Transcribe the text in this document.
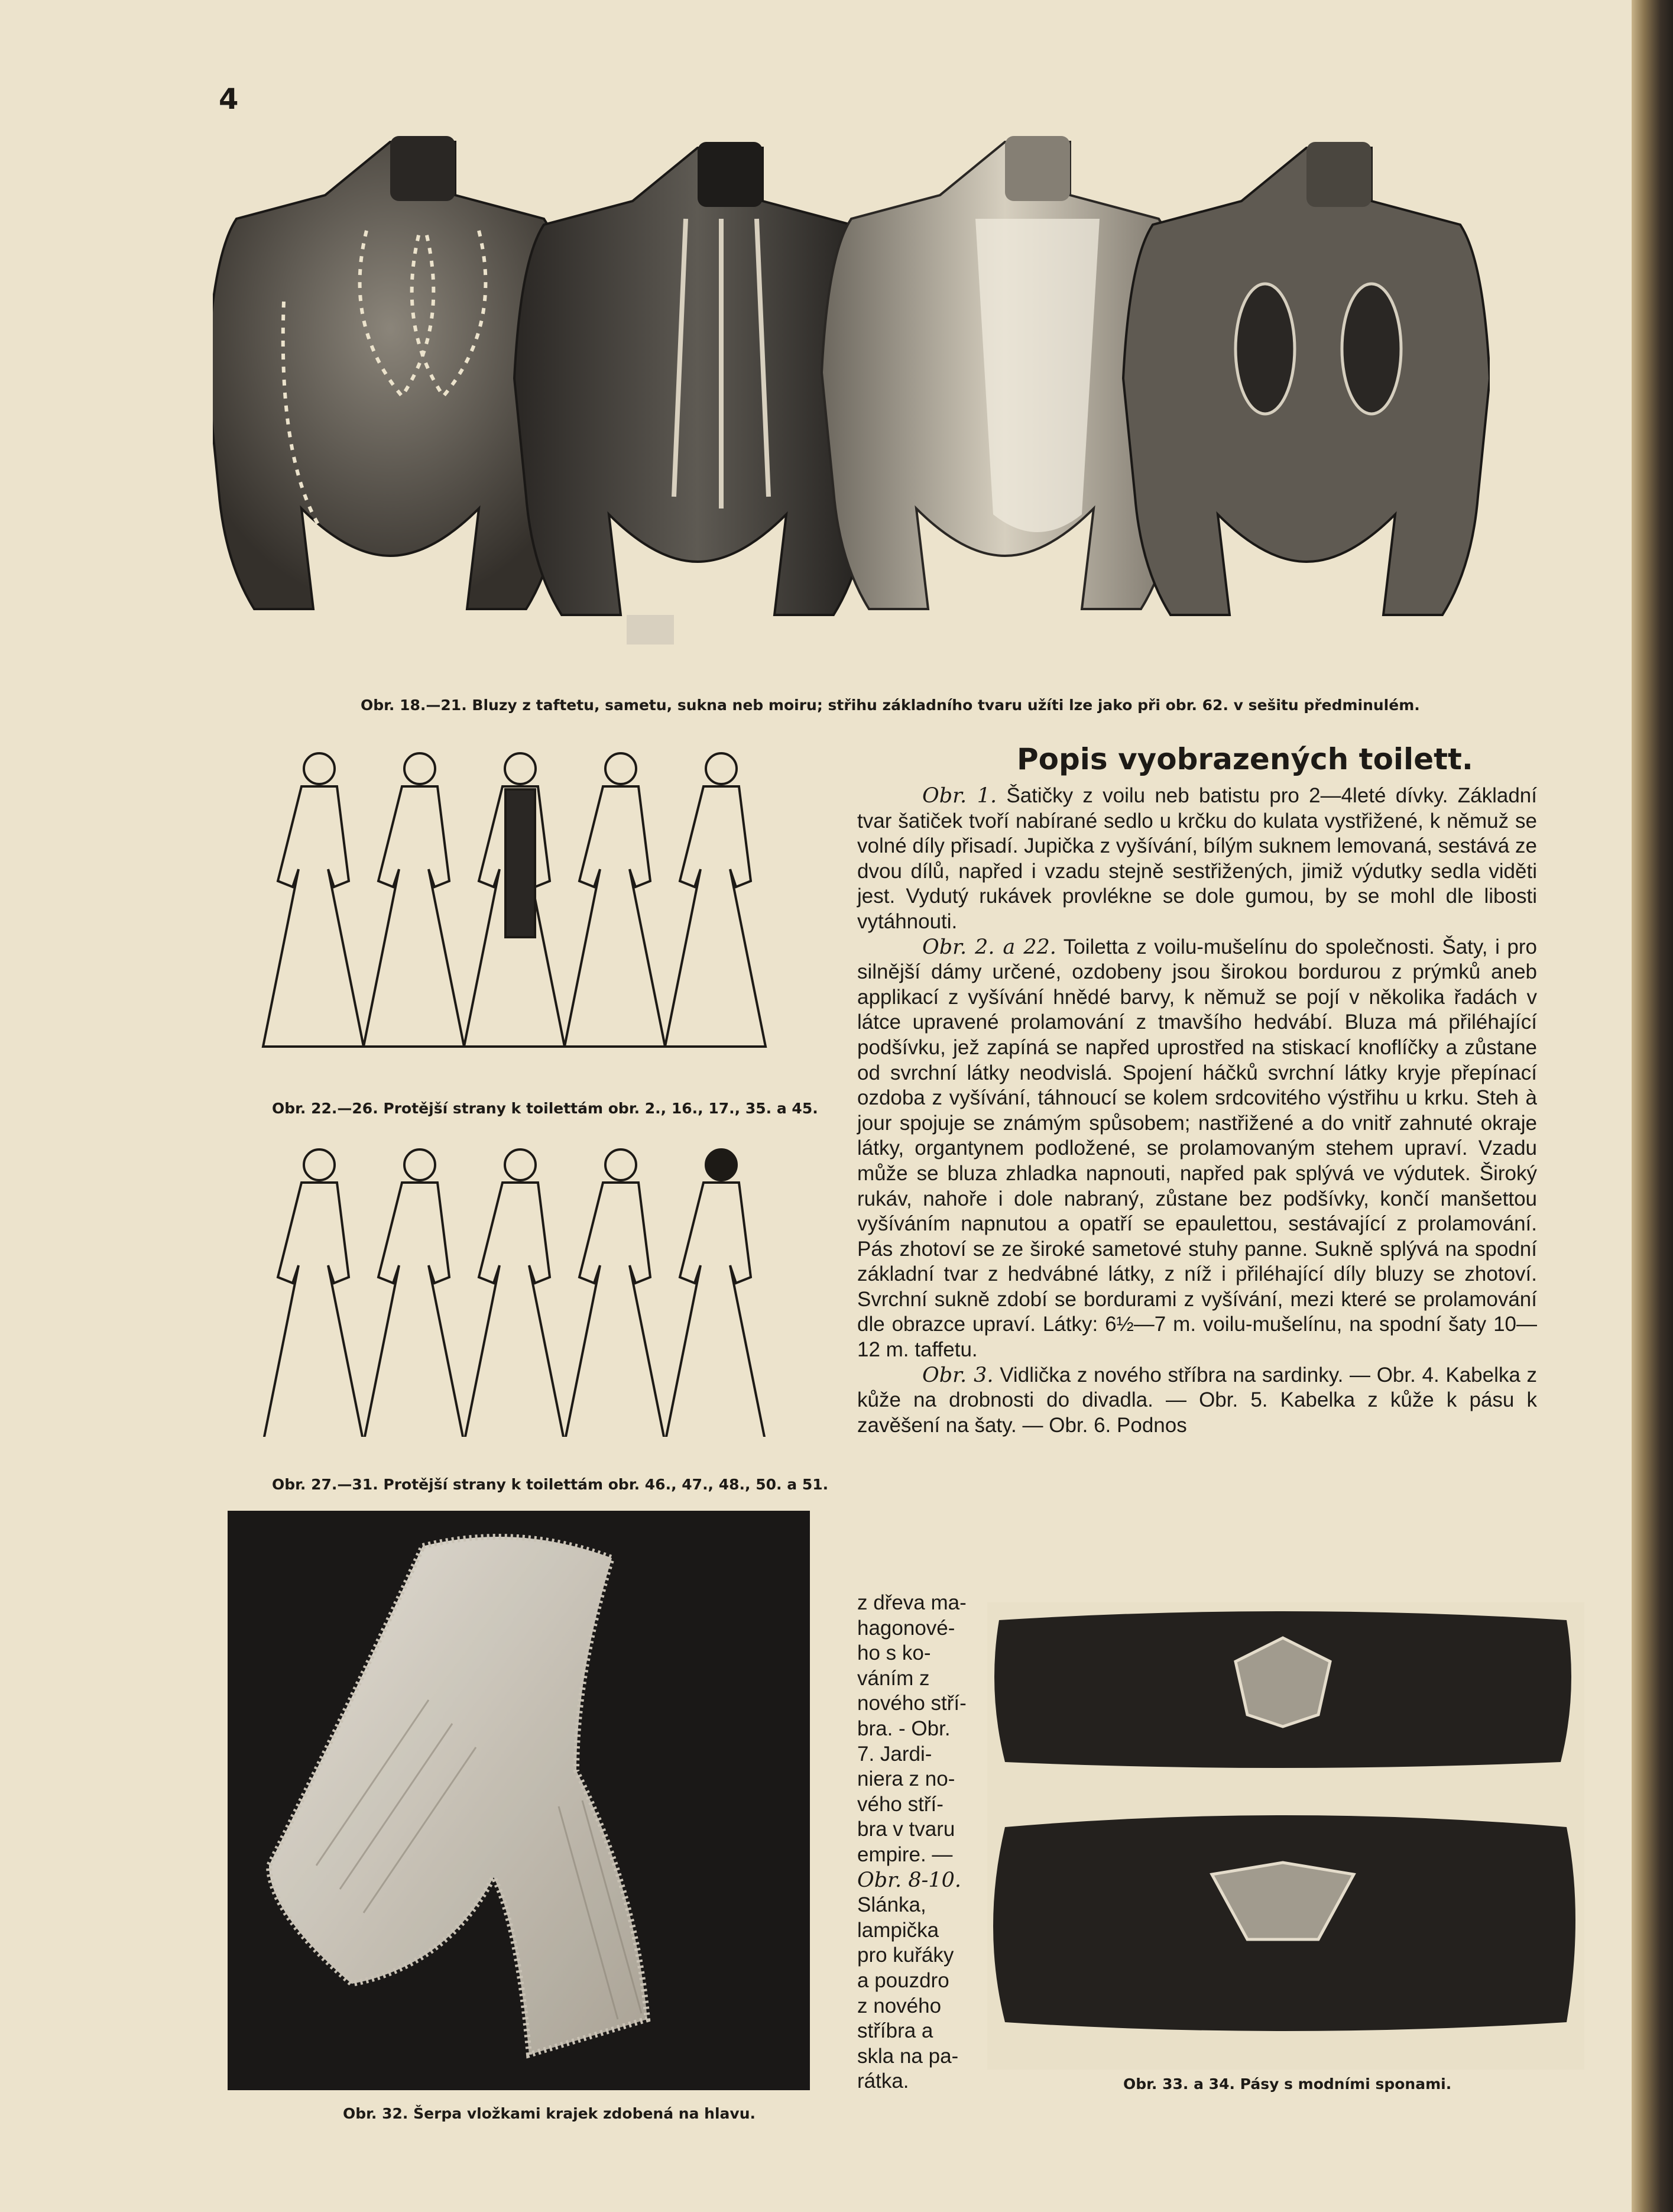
4
Obr. 18.—21. Bluzy z taftetu, sametu, sukna neb moiru; střihu základního tvaru užíti lze jako při obr. 62. v sešitu předminulém.
Obr. 22.—26. Protější strany k toilettám obr. 2., 16., 17., 35. a 45.
Obr. 27.—31. Protější strany k toilettám obr. 46., 47., 48., 50. a 51.
Obr. 32. Šerpa vložkami krajek zdobená na hlavu.
Popis vyobrazených toilett.

Obr. 1. Šatičky z voilu neb batistu pro 2—4leté dívky. Základní tvar šatiček tvoří nabírané sedlo u krčku do kulata vystřižené, k němuž se volné díly přisadí. Jupička z vyšívání, bílým suknem lemovaná, sestává ze dvou dílů, napřed i vzadu stejně sestřižených, jimiž výdutky sedla viděti jest. Vydutý rukávek provlékne se dole gumou, by se mohl dle libosti vytáhnouti.

Obr. 2. a 22. Toiletta z voilu-mušelínu do společnosti. Šaty, i pro silnější dámy určené, ozdobeny jsou širokou bordurou z prýmků aneb applikací z vyšívání hnědé barvy, k němuž se pojí v několika řadách v látce upravené prolamování z tmavšího hedvábí. Bluza má přiléhající podšívku, jež zapíná se napřed uprostřed na stiskací knoflíčky a zůstane od svrchní látky neodvislá. Spojení háčků svrchní látky kryje přepínací ozdoba z vyšívání, táhnoucí se kolem srdcovitého výstřihu u krku. Steh à jour spojuje se známým spůsobem; nastřižené a do vnitř zahnuté okraje látky, organtynem podložené, se prolamovaným stehem upraví. Vzadu může se bluza zhladka napnouti, napřed pak splývá ve výdutek. Široký rukáv, nahoře i dole nabraný, zůstane bez podšívky, končí manšettou vyšíváním napnutou a opatří se epaulettou, sestávající z prolamování. Pás zhotoví se ze široké sametové stuhy panne. Sukně splývá na spodní základní tvar z hedvábné látky, z níž i přiléhající díly bluzy se zhotoví. Svrchní sukně zdobí se bordurami z vyšívání, mezi které se prolamování dle obrazce upraví. Látky: 6½—7 m. voilu-mušelínu, na spodní šaty 10—12 m. taffetu.

Obr. 3. Vidlička z nového stříbra na sardinky. — Obr. 4. Kabelka z kůže na drobnosti do divadla. — Obr. 5. Kabelka z kůže k pásu k zavěšení na šaty. — Obr. 6. Podnos

z dřeva ma-
hagonové-
ho s ko-
váním z
nového stří-
bra. - Obr.
7. Jardi-
niera z no-
vého stří-
bra v tvaru
empire. —
Obr. 8-10.
Slánka,
lampička
pro kuřáky
a pouzdro
z nového
stříbra a
skla na pa-
rátka.	Obr. 33. a 34. Pásy s modními sponami.
